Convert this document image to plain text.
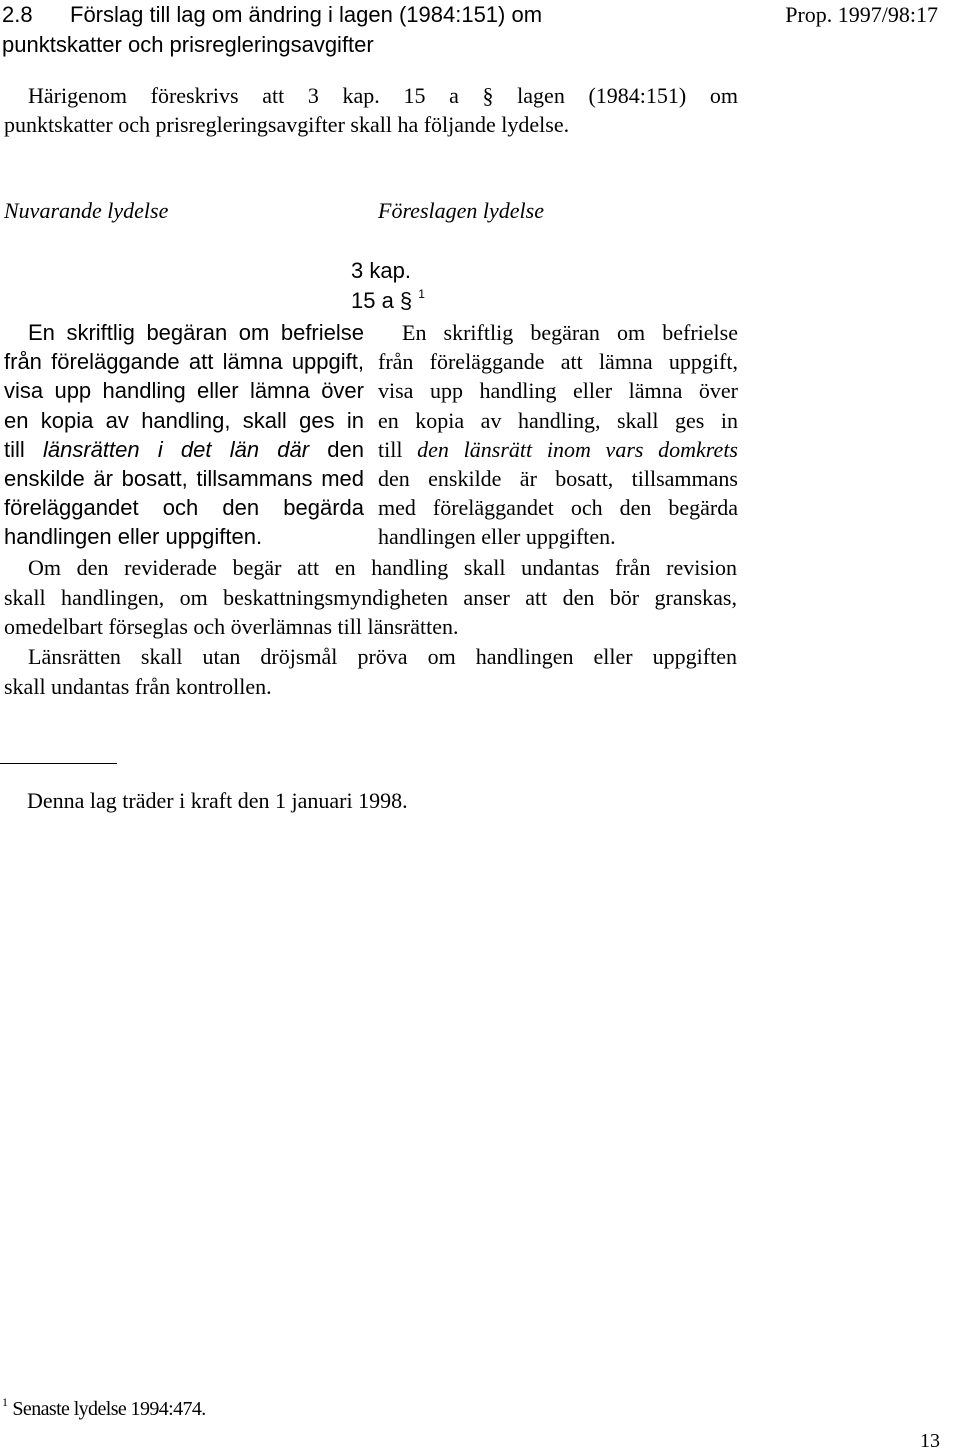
2.8 Förslag till lag om ändring i lagen (1984:151) om
punktskatter och prisregleringsavgifter
Prop. 1997/98:17
Härigenom föreskrivs att 3 kap. 15 a § lagen (1984:151) om
punktskatter och prisregleringsavgifter skall ha följande lydelse.
Nuvarande lydelse	Föreslagen lydelse
3 kap.
15 a § $^1$
En skriftlig begäran om befrielse
från föreläggande att lämna uppgift,
visa upp handling eller lämna över
en kopia av handling, skall ges in
till länsrätten i det län där den
enskilde är bosatt, tillsammans med
föreläggandet och den begärda
handlingen eller uppgiften.
En skriftlig begäran om befrielse
från föreläggande att lämna uppgift,
visa upp handling eller lämna över
en kopia av handling, skall ges in
till den länsrätt inom vars domkrets
den enskilde är bosatt, tillsammans
med föreläggandet och den begärda
handlingen eller uppgiften.
Om den reviderade begär att en handling skall undantas från revision
skall handlingen, om beskattningsmyndigheten anser att den bör granskas,
omedelbart förseglas och överlämnas till länsrätten.
Länsrätten skall utan dröjsmål pröva om handlingen eller uppgiften
skall undantas från kontrollen.
Denna lag träder i kraft den 1 januari 1998.
$^1$ Senaste lydelse 1994:474.
13
